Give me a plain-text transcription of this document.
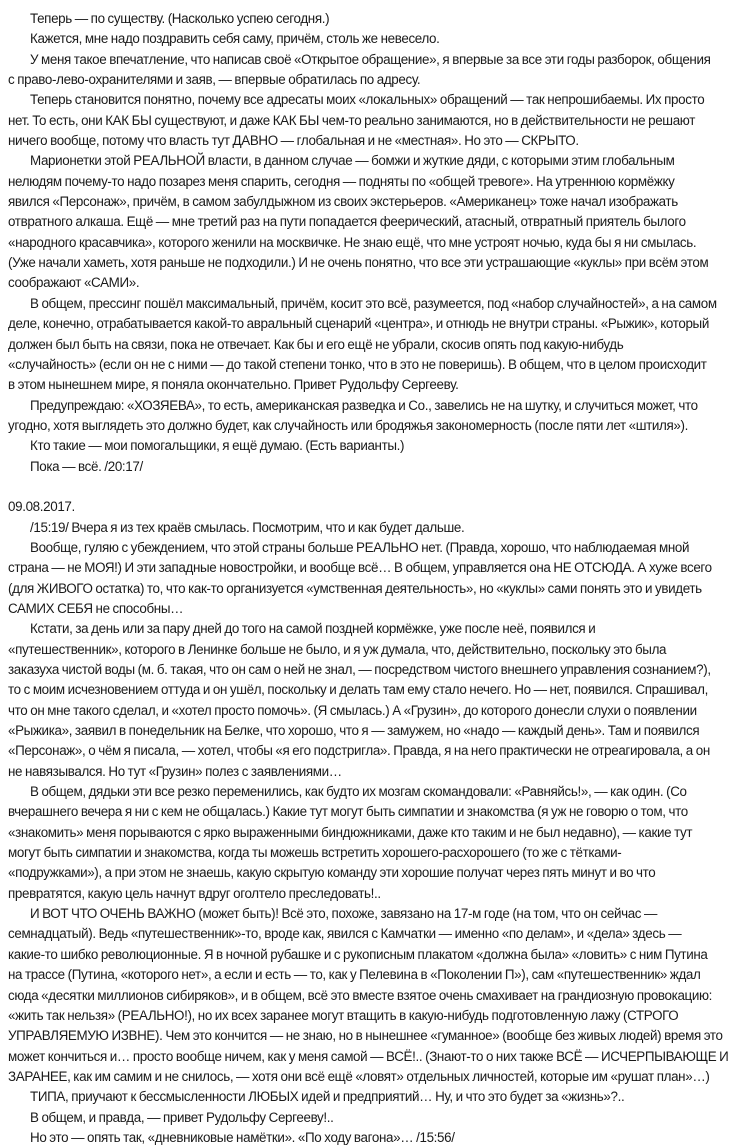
Теперь — по существу. (Насколько успею сегодня.)
Кажется, мне надо поздравить себя саму, причём, столь же невесело.
У меня такое впечатление, что написав своё «Открытое обращение», я впервые за все эти годы разборок, общения
с право-лево-охранителями и заяв, — впервые обратилась по адресу.
Теперь становится понятно, почему все адресаты моих «локальных» обращений — так непрошибаемы. Их просто
нет. То есть, они КАК БЫ существуют, и даже КАК БЫ чем-то реально занимаются, но в действительности не решают
ничего вообще, потому что власть тут ДАВНО — глобальная и не «местная». Но это — СКРЫТО.
Марионетки этой РЕАЛЬНОЙ власти, в данном случае — бомжи и жуткие дяди, с которыми этим глобальным
нелюдям почему-то надо позарез меня спарить, сегодня — подняты по «общей тревоге». На утреннюю кормёжку
явился «Персонаж», причём, в самом забулдыжном из своих экстерьеров. «Американец» тоже начал изображать
отвратного алкаша. Ещё — мне третий раз на пути попадается феерический, атасный, отвратный приятель былого
«народного красавчика», которого женили на москвичке. Не знаю ещё, что мне устроят ночью, куда бы я ни смылась.
(Уже начали хаметь, хотя раньше не подходили.) И не очень понятно, что все эти устрашающие «куклы» при всём этом
соображают «САМИ».
В общем, прессинг пошёл максимальный, причём, косит это всё, разумеется, под «набор случайностей», а на самом
деле, конечно, отрабатывается какой-то авральный сценарий «центра», и отнюдь не внутри страны. «Рыжик», который
должен был быть на связи, пока не отвечает. Как бы и его ещё не убрали, скосив опять под какую-нибудь
«случайность» (если он не с ними — до такой степени тонко, что в это не поверишь). В общем, что в целом происходит
в этом нынешнем мире, я поняла окончательно. Привет Рудольфу Сергееву.
Предупреждаю: «ХОЗЯЕВА», то есть, американская разведка и Со., завелись не на шутку, и случиться может, что
угодно, хотя выглядеть это должно будет, как случайность или бродяжья закономерность (после пяти лет «штиля»).
Кто такие — мои помогальщики, я ещё думаю. (Есть варианты.)
Пока — всё. /20:17/
09.08.2017.
/15:19/ Вчера я из тех краёв смылась. Посмотрим, что и как будет дальше.
Вообще, гуляю с убеждением, что этой страны больше РЕАЛЬНО нет. (Правда, хорошо, что наблюдаемая мной
страна — не МОЯ!) И эти западные новостройки, и вообще всё… В общем, управляется она НЕ ОТСЮДА. А хуже всего
(для ЖИВОГО остатка) то, что как-то организуется «умственная деятельность», но «куклы» сами понять это и увидеть
САМИХ СЕБЯ не способны…
Кстати, за день или за пару дней до того на самой поздней кормёжке, уже после неё, появился и
«путешественник», которого в Ленинке больше не было, и я уж думала, что, действительно, поскольку это была
заказуха чистой воды (м. б. такая, что он сам о ней не знал, — посредством чистого внешнего управления сознанием?),
то с моим исчезновением оттуда и он ушёл, поскольку и делать там ему стало нечего. Но — нет, появился. Спрашивал,
что он мне такого сделал, и «хотел просто помочь». (Я смылась.) А «Грузин», до которого донесли слухи о появлении
«Рыжика», заявил в понедельник на Белке, что хорошо, что я — замужем, но «надо — каждый день». Там и появился
«Персонаж», о чём я писала, — хотел, чтобы «я его подстригла». Правда, я на него практически не отреагировала, а он
не навязывался. Но тут «Грузин» полез с заявлениями…
В общем, дядьки эти все резко переменились, как будто их мозгам скомандовали: «Равняйсь!», — как один. (Со
вчерашнего вечера я ни с кем не общалась.) Какие тут могут быть симпатии и знакомства (я уж не говорю о том, что
«знакомить» меня порываются с ярко выраженными биндюжниками, даже кто таким и не был недавно), — какие тут
могут быть симпатии и знакомства, когда ты можешь встретить хорошего-расхорошего (то же с тётками-
«подружками»), а при этом не знаешь, какую скрытую команду эти хорошие получат через пять минут и во что
превратятся, какую цель начнут вдруг оголтело преследовать!..
И ВОТ ЧТО ОЧЕНЬ ВАЖНО (может быть)! Всё это, похоже, завязано на 17-м годе (на том, что он сейчас —
семнадцатый). Ведь «путешественник»-то, вроде как, явился с Камчатки — именно «по делам», и «дела» здесь —
какие-то шибко революционные. Я в ночной рубашке и с рукописным плакатом «должна была» «ловить» с ним Путина
на трассе (Путина, «которого нет», а если и есть — то, как у Пелевина в «Поколении П»), сам «путешественник» ждал
сюда «десятки миллионов сибиряков», и в общем, всё это вместе взятое очень смахивает на грандиозную провокацию:
«жить так нельзя» (РЕАЛЬНО!), но их всех заранее могут втащить в какую-нибудь подготовленную лажу (СТРОГО
УПРАВЛЯЕМУЮ ИЗВНЕ). Чем это кончится — не знаю, но в нынешнее «гуманное» (вообще без живых людей) время это
может кончиться и… просто вообще ничем, как у меня самой — ВСЁ!.. (Знают-то о них также ВСЁ — ИСЧЕРПЫВАЮЩЕ И
ЗАРАНЕЕ, как им самим и не снилось, — хотя они всё ещё «ловят» отдельных личностей, которые им «рушат план»…)
ТИПА, приучают к бессмысленности ЛЮБЫХ идей и предприятий… Ну, и что это будет за «жизнь»?..
В общем, и правда, — привет Рудольфу Сергееву!..
Но это — опять так, «дневниковые намётки». «По ходу вагона»… /15:56/
